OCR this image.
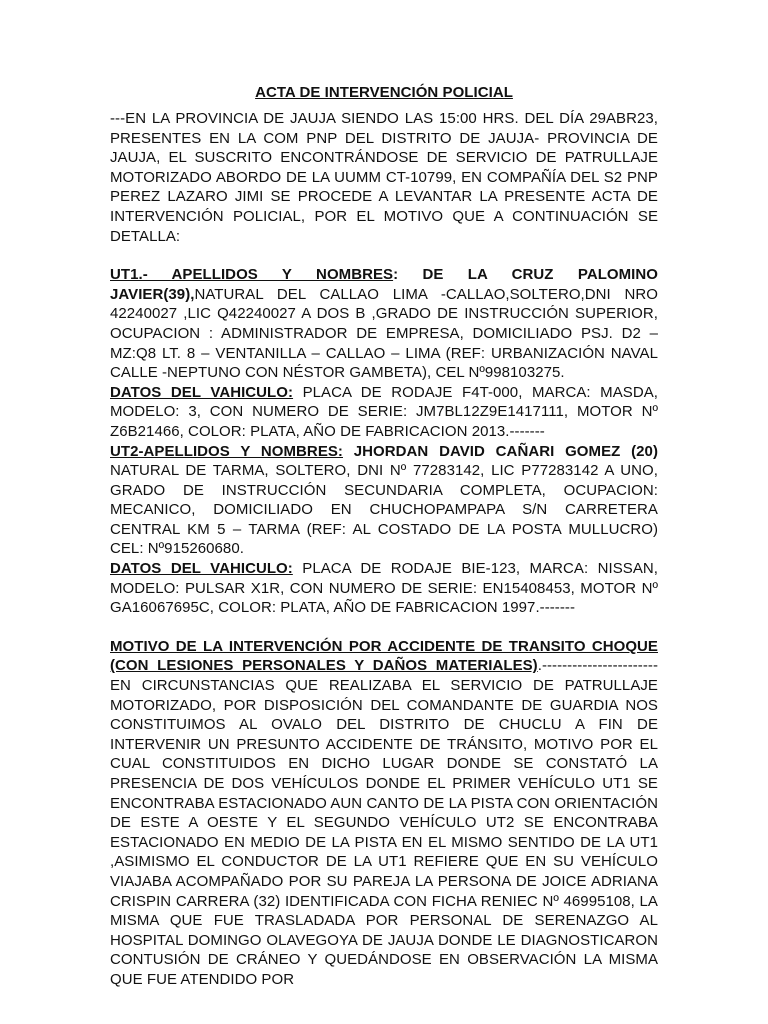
ACTA DE INTERVENCIÓN POLICIAL

---EN LA PROVINCIA DE JAUJA SIENDO LAS 15:00 HRS. DEL DÍA 29ABR23, PRESENTES EN LA COM PNP DEL DISTRITO DE JAUJA- PROVINCIA DE JAUJA, EL SUSCRITO ENCONTRÁNDOSE DE SERVICIO DE PATRULLAJE MOTORIZADO ABORDO DE LA UUMM CT-10799, EN COMPAÑÍA DEL S2 PNP PEREZ LAZARO JIMI SE PROCEDE A LEVANTAR LA PRESENTE ACTA DE INTERVENCIÓN POLICIAL, POR EL MOTIVO QUE A CONTINUACIÓN SE DETALLA:

UT1.- APELLIDOS Y NOMBRES: DE LA CRUZ PALOMINO JAVIER(39),NATURAL DEL CALLAO LIMA -CALLAO,SOLTERO,DNI NRO 42240027 ,LIC Q42240027 A DOS B ,GRADO DE INSTRUCCIÓN SUPERIOR, OCUPACION : ADMINISTRADOR DE EMPRESA, DOMICILIADO PSJ. D2 – MZ:Q8 LT. 8 – VENTANILLA – CALLAO – LIMA (REF: URBANIZACIÓN NAVAL CALLE -NEPTUNO CON NÉSTOR GAMBETA), CEL Nº998103275.

DATOS DEL VAHICULO: PLACA DE RODAJE F4T-000, MARCA: MASDA, MODELO: 3, CON NUMERO DE SERIE: JM7BL12Z9E1417111, MOTOR Nº Z6B21466, COLOR: PLATA, AÑO DE FABRICACION 2013.-------

UT2-APELLIDOS Y NOMBRES: JHORDAN DAVID CAÑARI GOMEZ (20) NATURAL DE TARMA, SOLTERO, DNI Nº 77283142, LIC P77283142 A UNO, GRADO DE INSTRUCCIÓN SECUNDARIA COMPLETA, OCUPACION: MECANICO, DOMICILIADO EN CHUCHOPAMPAPA S/N CARRETERA CENTRAL KM 5 – TARMA (REF: AL COSTADO DE LA POSTA MULLUCRO) CEL: Nº915260680.

DATOS DEL VAHICULO: PLACA DE RODAJE BIE-123, MARCA: NISSAN, MODELO: PULSAR X1R, CON NUMERO DE SERIE: EN15408453, MOTOR Nº GA16067695C, COLOR: PLATA, AÑO DE FABRICACION 1997.-------

MOTIVO DE LA INTERVENCIÓN POR ACCIDENTE DE TRANSITO CHOQUE (CON LESIONES PERSONALES Y DAÑOS MATERIALES).----------------------- EN CIRCUNSTANCIAS QUE REALIZABA EL SERVICIO DE PATRULLAJE MOTORIZADO, POR DISPOSICIÓN DEL COMANDANTE DE GUARDIA NOS CONSTITUIMOS AL OVALO DEL DISTRITO DE CHUCLU A FIN DE INTERVENIR UN PRESUNTO ACCIDENTE DE TRÁNSITO, MOTIVO POR EL CUAL CONSTITUIDOS EN DICHO LUGAR DONDE SE CONSTATÓ LA PRESENCIA DE DOS VEHÍCULOS DONDE EL PRIMER VEHÍCULO UT1 SE ENCONTRABA ESTACIONADO AUN CANTO DE LA PISTA CON ORIENTACIÓN DE ESTE A OESTE Y EL SEGUNDO VEHÍCULO UT2 SE ENCONTRABA ESTACIONADO EN MEDIO DE LA PISTA EN EL MISMO SENTIDO DE LA UT1 ,ASIMISMO EL CONDUCTOR DE LA UT1 REFIERE QUE EN SU VEHÍCULO VIAJABA ACOMPAÑADO POR SU PAREJA LA PERSONA DE JOICE ADRIANA CRISPIN CARRERA (32) IDENTIFICADA CON FICHA RENIEC Nº 46995108, LA MISMA QUE FUE TRASLADADA POR PERSONAL DE SERENAZGO AL HOSPITAL DOMINGO OLAVEGOYA DE JAUJA DONDE LE DIAGNOSTICARON CONTUSIÓN DE CRÁNEO Y QUEDÁNDOSE EN OBSERVACIÓN LA MISMA QUE FUE ATENDIDO POR
